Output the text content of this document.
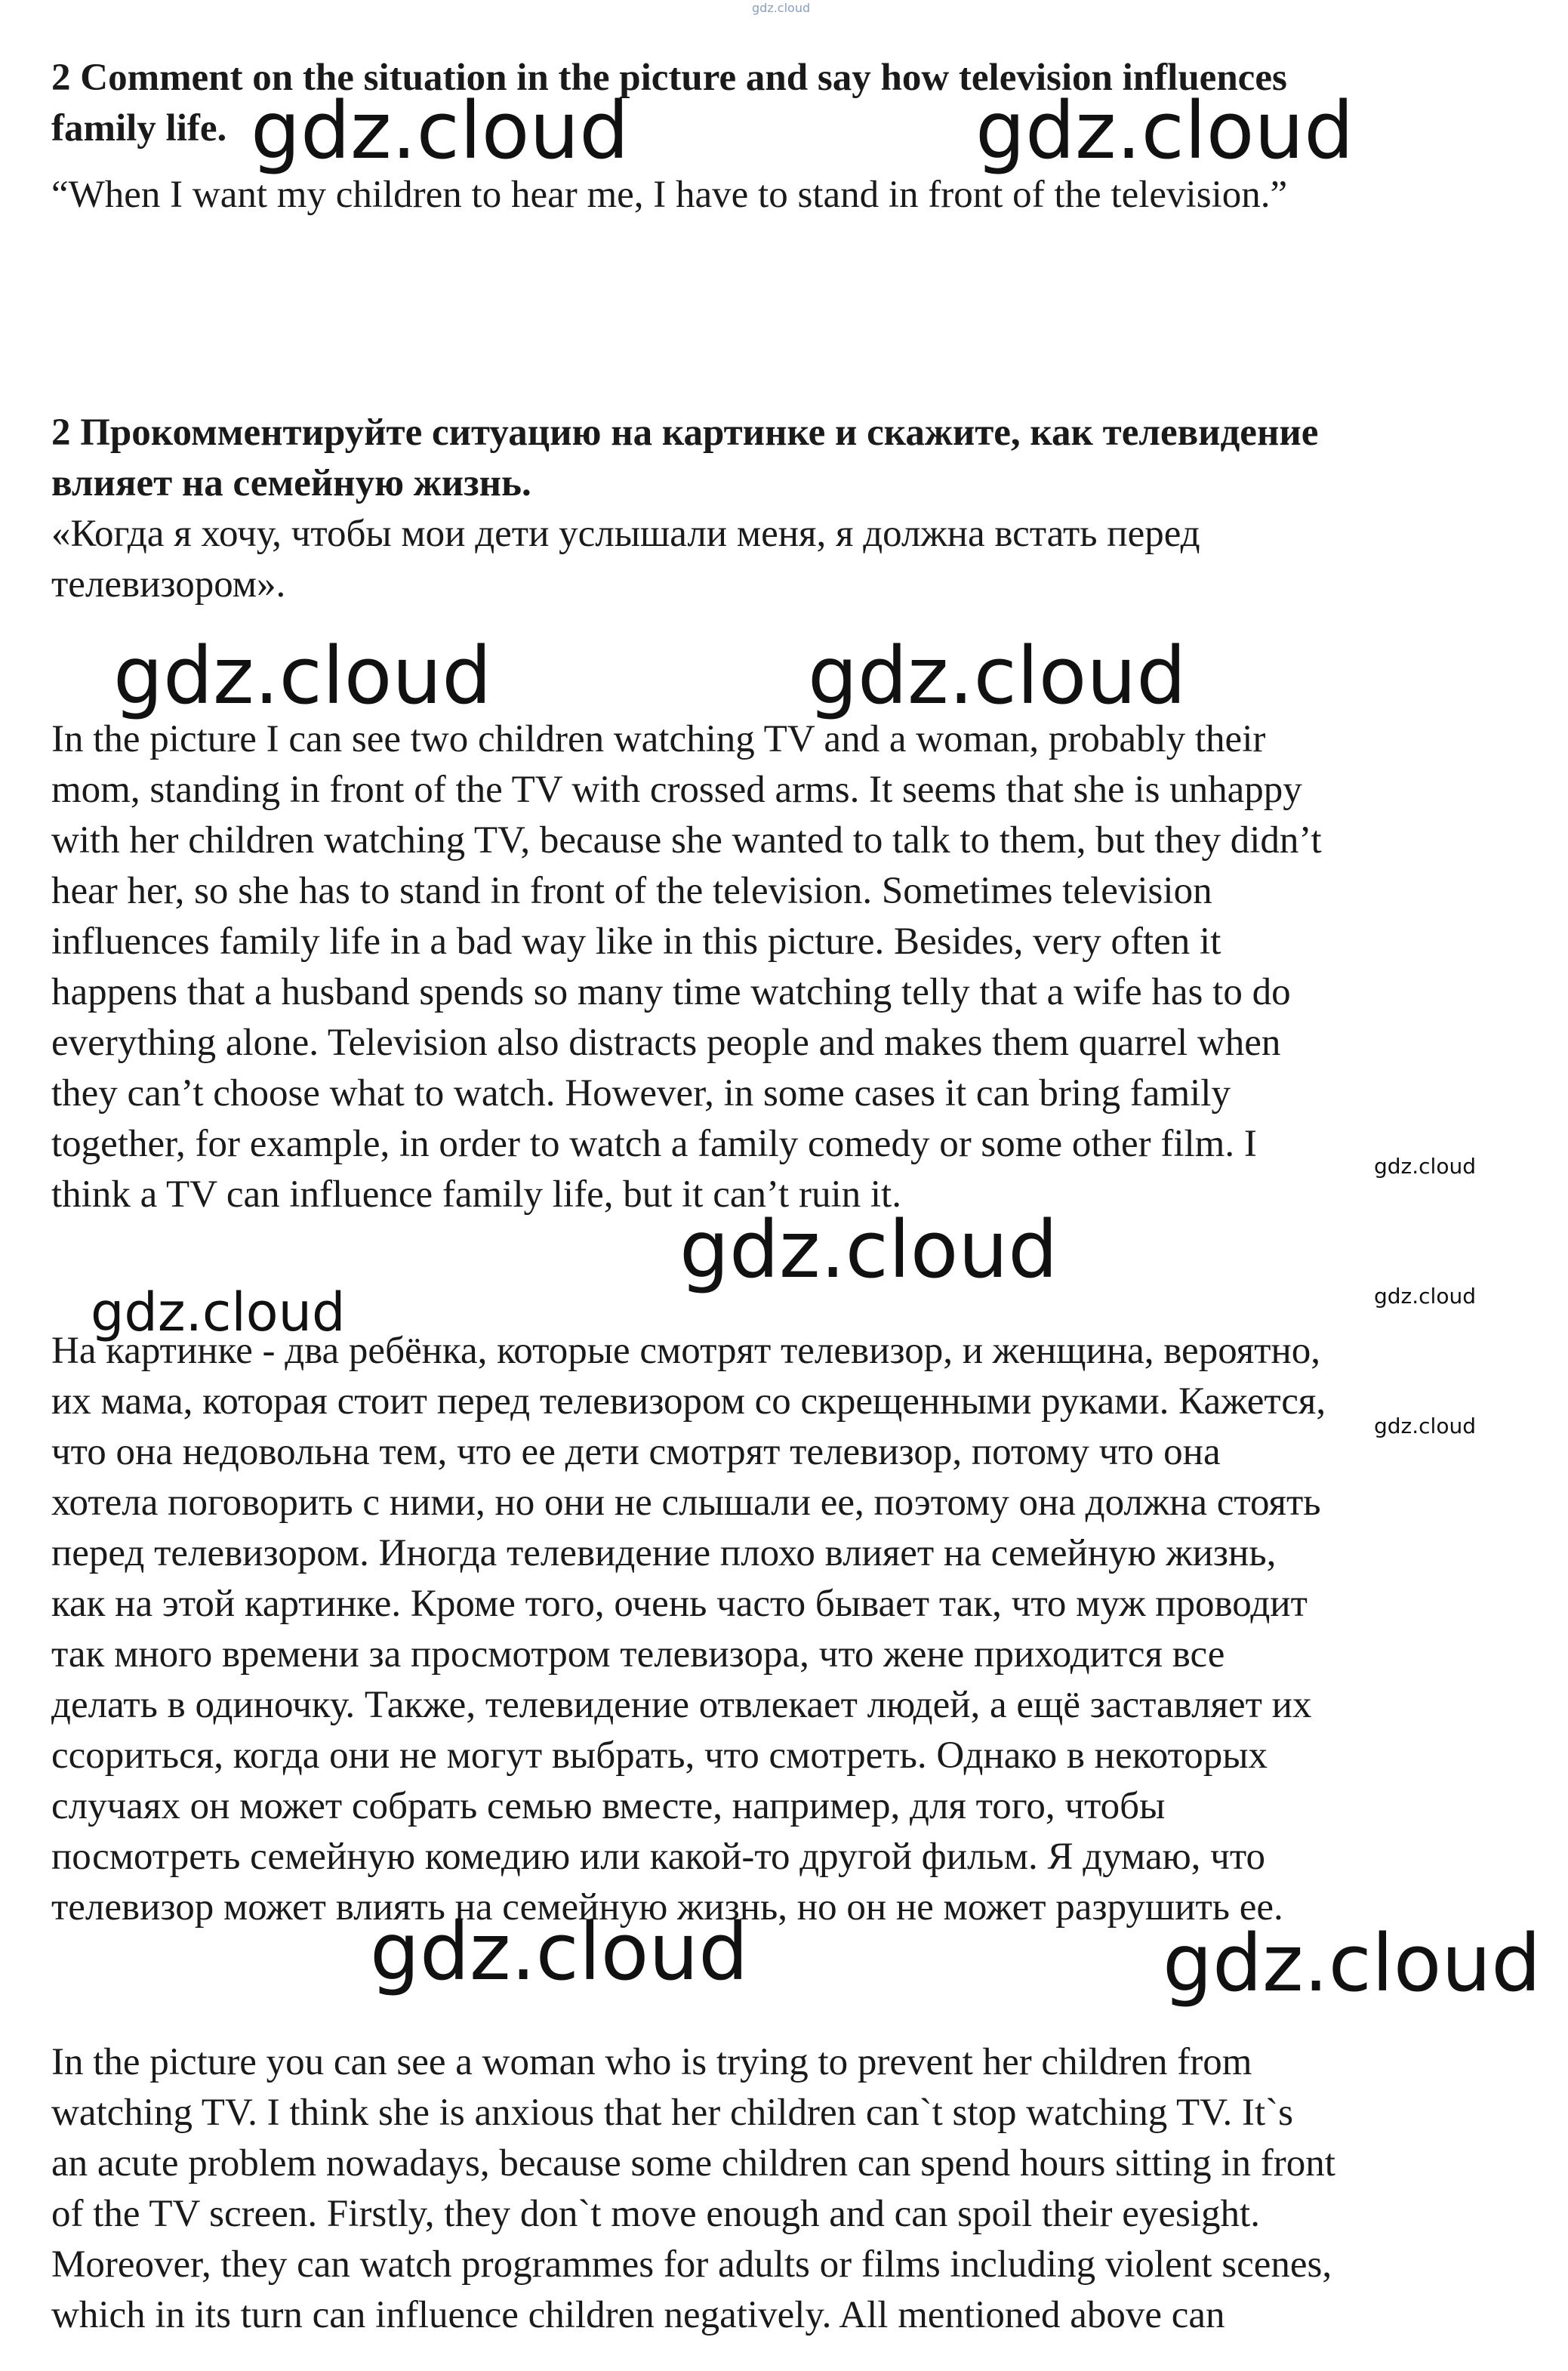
gdz.cloud
2 Comment on the situation in the picture and say how television influences
family life.
“When I want my children to hear me, I have to stand in front of the television.”
2 Прокомментируйте ситуацию на картинке и скажите, как телевидение
влияет на семейную жизнь.
«Когда я хочу, чтобы мои дети услышали меня, я должна встать перед
телевизором».
In the picture I can see two children watching TV and a woman, probably their
mom, standing in front of the TV with crossed arms. It seems that she is unhappy
with her children watching TV, because she wanted to talk to them, but they didn’t
hear her, so she has to stand in front of the television. Sometimes television
influences family life in a bad way like in this picture. Besides, very often it
happens that a husband spends so many time watching telly that a wife has to do
everything alone. Television also distracts people and makes them quarrel when
they can’t choose what to watch. However, in some cases it can bring family
together, for example, in order to watch a family comedy or some other film. I
think a TV can influence family life, but it can’t ruin it.
На картинке - два ребёнка, которые смотрят телевизор, и женщина, вероятно,
их мама, которая стоит перед телевизором со скрещенными руками. Кажется,
что она недовольна тем, что ее дети смотрят телевизор, потому что она
хотела поговорить с ними, но они не слышали ее, поэтому она должна стоять
перед телевизором. Иногда телевидение плохо влияет на семейную жизнь,
как на этой картинке. Кроме того, очень часто бывает так, что муж проводит
так много времени за просмотром телевизора, что жене приходится все
делать в одиночку. Также, телевидение отвлекает людей, а ещё заставляет их
ссориться, когда они не могут выбрать, что смотреть. Однако в некоторых
случаях он может собрать семью вместе, например, для того, чтобы
посмотреть семейную комедию или какой-то другой фильм. Я думаю, что
телевизор может влиять на семейную жизнь, но он не может разрушить ее.
In the picture you can see a woman who is trying to prevent her children from
watching TV. I think she is anxious that her children can`t stop watching TV. It`s
an acute problem nowadays, because some children can spend hours sitting in front
of the TV screen. Firstly, they don`t move enough and can spoil their eyesight.
Moreover, they can watch programmes for adults or films including violent scenes,
which in its turn can influence children negatively. All mentioned above can
gdz.cloud	gdz.cloud
gdz.cloud	gdz.cloud
gdz.cloud
gdz.cloud
gdz.cloud	gdz.cloud
gdz.cloud
gdz.cloud	gdz.cloud
